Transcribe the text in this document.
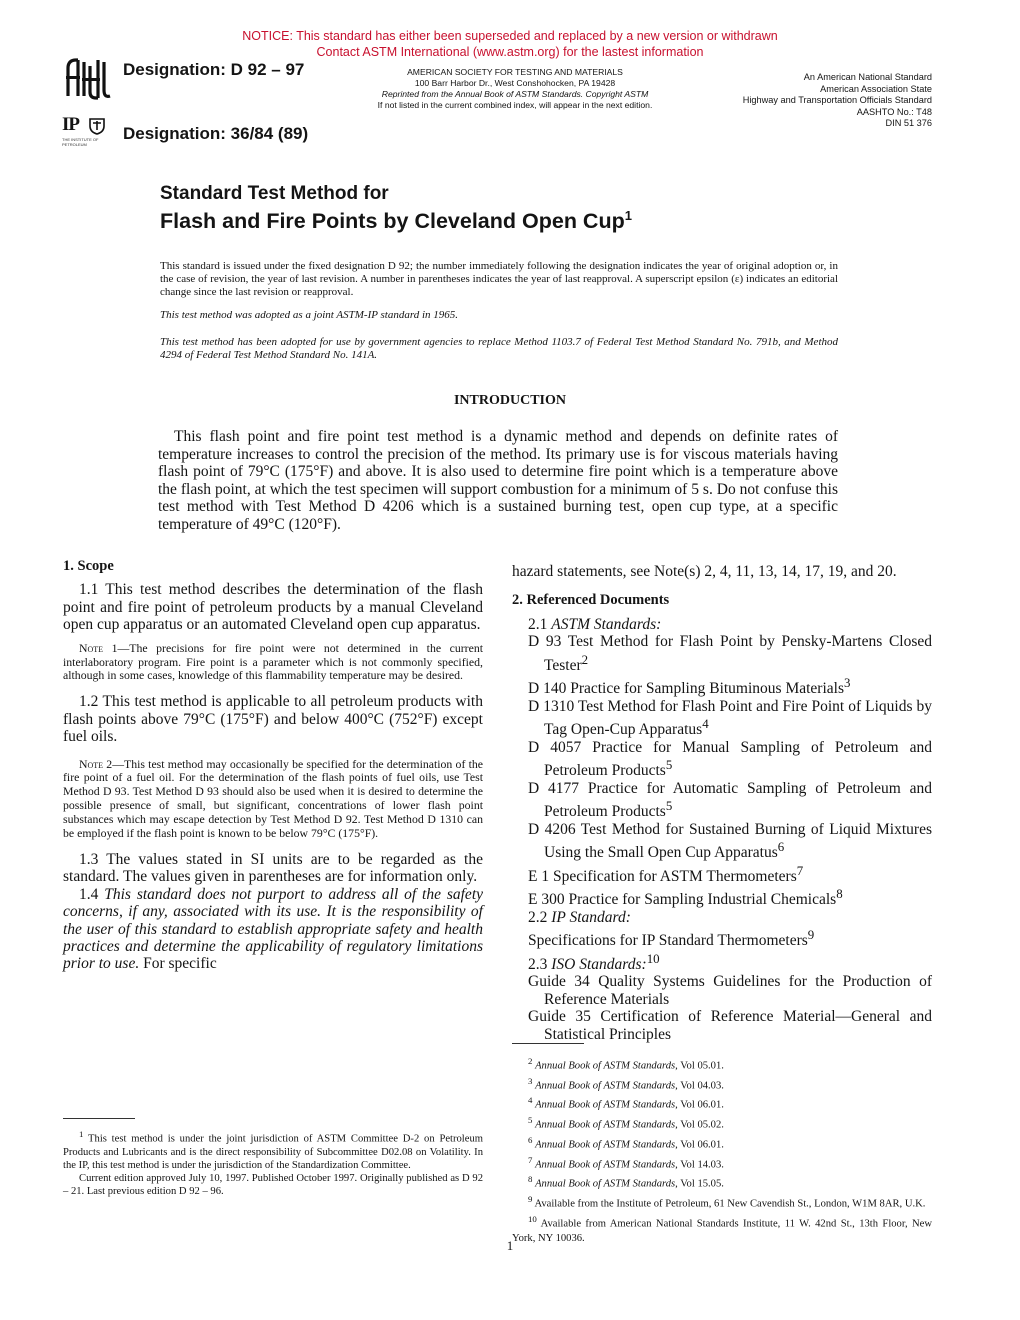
NOTICE: This standard has either been superseded and replaced by a new version or withdrawn
Contact ASTM International (www.astm.org) for the lastest information
IP
THE INSTITUTE OF PETROLEUM
Designation: D 92 – 97
Designation: 36/84 (89)
AMERICAN SOCIETY FOR TESTING AND MATERIALS
100 Barr Harbor Dr., West Conshohocken, PA 19428
Reprinted from the Annual Book of ASTM Standards. Copyright ASTM
If not listed in the current combined index, will appear in the next edition.
An American National Standard
American Association State
Highway and Transportation Officials Standard
AASHTO No.: T48
DIN 51 376
Standard Test Method for
Flash and Fire Points by Cleveland Open Cup$^1$
This standard is issued under the fixed designation D 92; the number immediately following the designation indicates the year of original adoption or, in the case of revision, the year of last revision. A number in parentheses indicates the year of last reapproval. A superscript epsilon (ε) indicates an editorial change since the last revision or reapproval.
This test method was adopted as a joint ASTM-IP standard in 1965.
This test method has been adopted for use by government agencies to replace Method 1103.7 of Federal Test Method Standard No. 791b, and Method 4294 of Federal Test Method Standard No. 141A.
INTRODUCTION
This flash point and fire point test method is a dynamic method and depends on definite rates of temperature increases to control the precision of the method. Its primary use is for viscous materials having flash point of 79°C (175°F) and above. It is also used to determine fire point which is a temperature above the flash point, at which the test specimen will support combustion for a minimum of 5 s. Do not confuse this test method with Test Method D 4206 which is a sustained burning test, open cup type, at a specific temperature of 49°C (120°F).
1. Scope

1.1 This test method describes the determination of the flash point and fire point of petroleum products by a manual Cleveland open cup apparatus or an automated Cleveland open cup apparatus.

Note 1—The precisions for fire point were not determined in the current interlaboratory program. Fire point is a parameter which is not commonly specified, although in some cases, knowledge of this flammability temperature may be desired.

1.2 This test method is applicable to all petroleum products with flash points above 79°C (175°F) and below 400°C (752°F) except fuel oils.

Note 2—This test method may occasionally be specified for the determination of the fire point of a fuel oil. For the determination of the flash points of fuel oils, use Test Method D 93. Test Method D 93 should also be used when it is desired to determine the possible presence of small, but significant, concentrations of lower flash point substances which may escape detection by Test Method D 92. Test Method D 1310 can be employed if the flash point is known to be below 79°C (175°F).

1.3 The values stated in SI units are to be regarded as the standard. The values given in parentheses are for information only.

1.4 This standard does not purport to address all of the safety concerns, if any, associated with its use. It is the responsibility of the user of this standard to establish appropriate safety and health practices and determine the applicability of regulatory limitations prior to use. For specific

$^1$ This test method is under the joint jurisdiction of ASTM Committee D-2 on Petroleum Products and Lubricants and is the direct responsibility of Subcommittee D02.08 on Volatility. In the IP, this test method is under the jurisdiction of the Standardization Committee.

Current edition approved July 10, 1997. Published October 1997. Originally published as D 92 – 21. Last previous edition D 92 – 96.

hazard statements, see Note(s) 2, 4, 11, 13, 14, 17, 19, and 20.

2. Referenced Documents

2.1 ASTM Standards:

D 93 Test Method for Flash Point by Pensky-Martens Closed Tester$^2$

D 140 Practice for Sampling Bituminous Materials$^3$

D 1310 Test Method for Flash Point and Fire Point of Liquids by Tag Open-Cup Apparatus$^4$

D 4057 Practice for Manual Sampling of Petroleum and Petroleum Products$^5$

D 4177 Practice for Automatic Sampling of Petroleum and Petroleum Products$^5$

D 4206 Test Method for Sustained Burning of Liquid Mixtures Using the Small Open Cup Apparatus$^6$

E 1 Specification for ASTM Thermometers$^7$

E 300 Practice for Sampling Industrial Chemicals$^8$

2.2 IP Standard:

Specifications for IP Standard Thermometers$^9$

2.3 ISO Standards:$^{10}$

Guide 34 Quality Systems Guidelines for the Production of Reference Materials

Guide 35 Certification of Reference Material—General and Statistical Principles

$^2$ Annual Book of ASTM Standards, Vol 05.01.

$^3$ Annual Book of ASTM Standards, Vol 04.03.

$^4$ Annual Book of ASTM Standards, Vol 06.01.

$^5$ Annual Book of ASTM Standards, Vol 05.02.

$^6$ Annual Book of ASTM Standards, Vol 06.01.

$^7$ Annual Book of ASTM Standards, Vol 14.03.

$^8$ Annual Book of ASTM Standards, Vol 15.05.

$^9$ Available from the Institute of Petroleum, 61 New Cavendish St., London, W1M 8AR, U.K.

$^{10}$ Available from American National Standards Institute, 11 W. 42nd St., 13th Floor, New York, NY 10036.

1
